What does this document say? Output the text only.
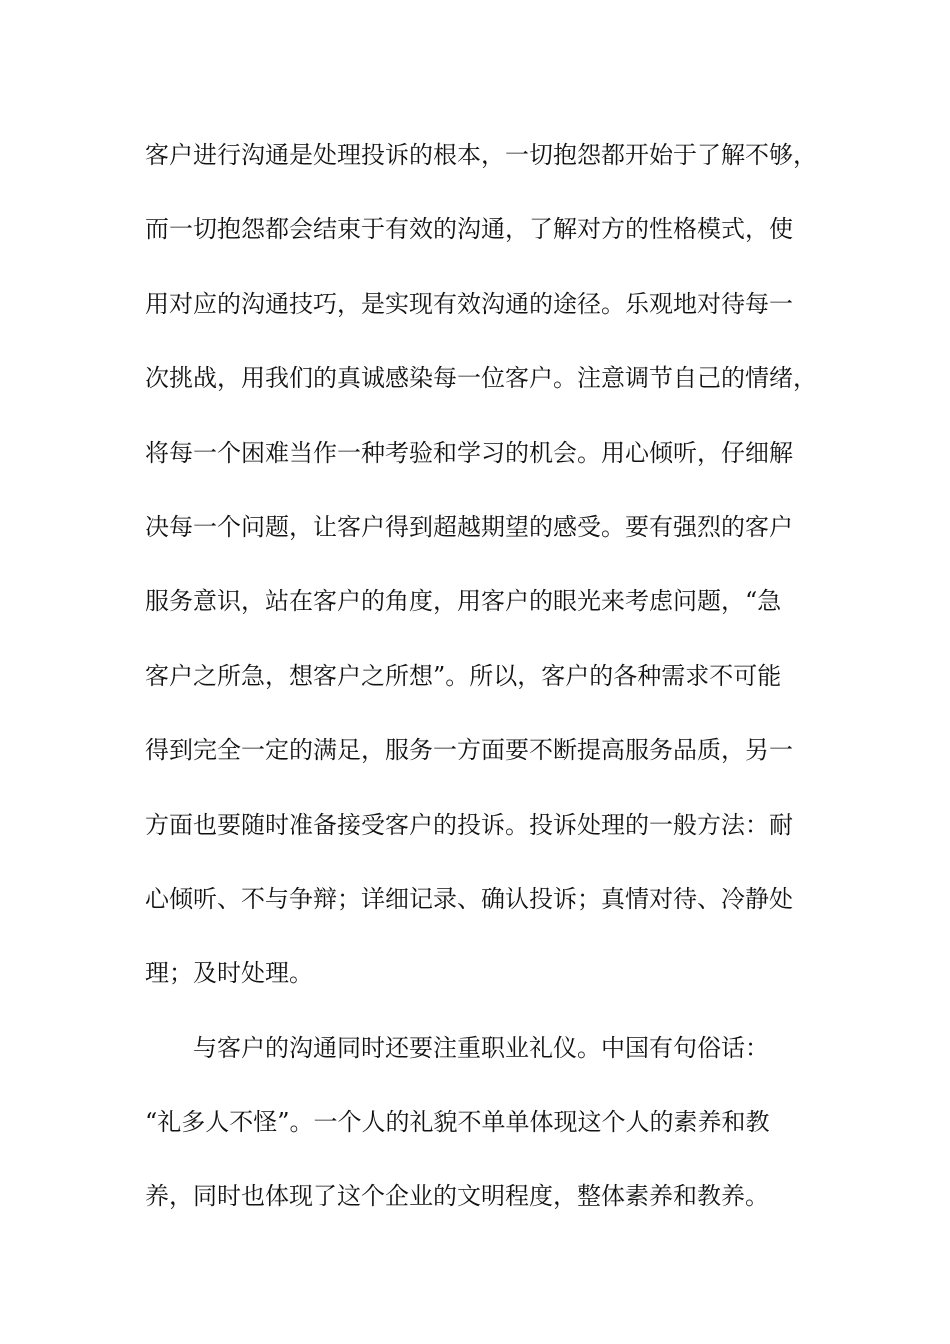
客户进行沟通是处理投诉的根本，一切抱怨都开始于了解不够，
而一切抱怨都会结束于有效的沟通，了解对方的性格模式，使
用对应的沟通技巧，是实现有效沟通的途径。乐观地对待每一
次挑战，用我们的真诚感染每一位客户。注意调节自己的情绪，
将每一个困难当作一种考验和学习的机会。用心倾听，仔细解
决每一个问题，让客户得到超越期望的感受。要有强烈的客户
服务意识，站在客户的角度，用客户的眼光来考虑问题，“急
客户之所急，想客户之所想”。所以，客户的各种需求不可能
得到完全一定的满足，服务一方面要不断提高服务品质，另一
方面也要随时准备接受客户的投诉。投诉处理的一般方法：耐
心倾听、不与争辩；详细记录、确认投诉；真情对待、冷静处
理；及时处理。
与客户的沟通同时还要注重职业礼仪。中国有句俗话：
“礼多人不怪”。一个人的礼貌不单单体现这个人的素养和教
养，同时也体现了这个企业的文明程度，整体素养和教养。
